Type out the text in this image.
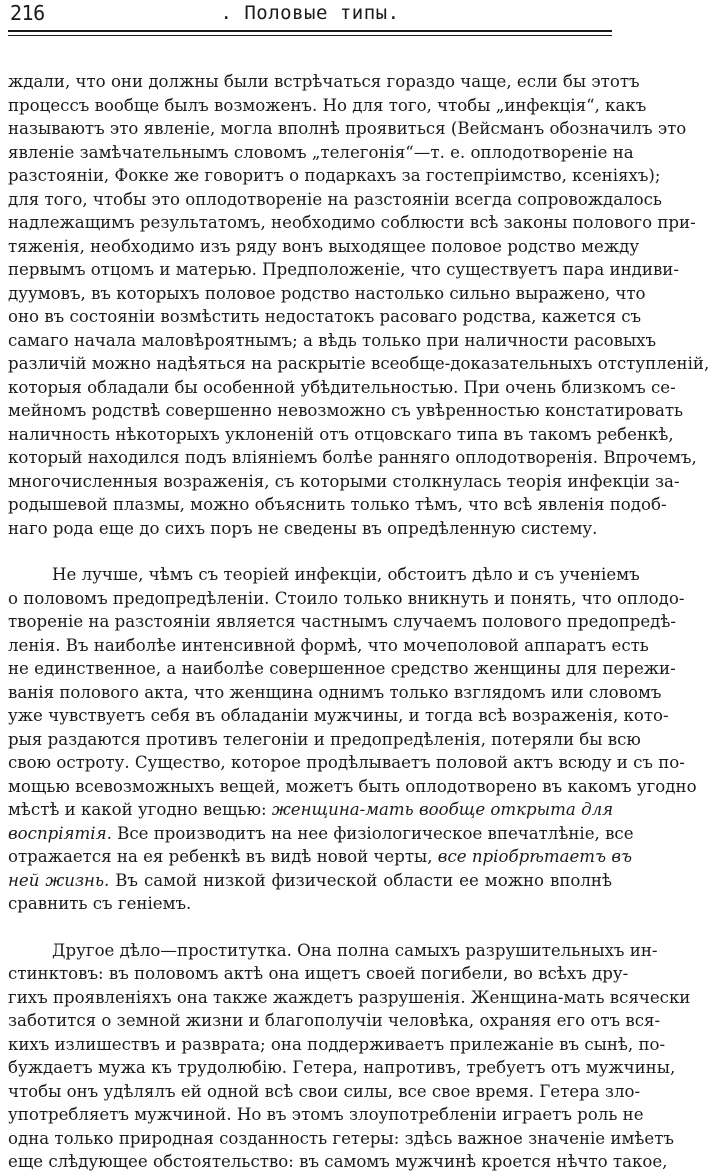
216	. Половые типы.
ждали, что они должны были встрѣчаться гораздо чаще, если бы этотъ
процессъ вообще былъ возможенъ. Но для того, чтобы „инфекція“, какъ
называютъ это явленіе, могла вполнѣ проявиться (Вейсманъ обозначилъ это
явленіе замѣчательнымъ словомъ „телегонія“—т. е. оплодотвореніе на
разстояніи, Фокке же говоритъ о подаркахъ за гостепріимство, ксеніяхъ);
для того, чтобы это оплодотвореніе на разстояніи всегда сопровождалось
надлежащимъ результатомъ, необходимо соблюсти всѣ законы полового при-
тяженія, необходимо изъ ряду вонъ выходящее половое родство между
первымъ отцомъ и матерью. Предположеніе, что существуетъ пара индиви-
дуумовъ, въ которыхъ половое родство настолько сильно выражено, что
оно въ состояніи возмѣстить недостатокъ расоваго родства, кажется съ
самаго начала маловѣроятнымъ; а вѣдь только при наличности расовыхъ
различій можно надѣяться на раскрытіе всеобще-доказательныхъ отступленій,
которыя обладали бы особенной убѣдительностью. При очень близкомъ се-
мейномъ родствѣ совершенно невозможно съ увѣренностью констатировать
наличность нѣкоторыхъ уклоненій отъ отцовскаго типа въ такомъ ребенкѣ,
который находился подъ вліяніемъ болѣе ранняго оплодотворенія. Впрочемъ,
многочисленныя возраженія, съ которыми столкнулась теорія инфекціи за-
родышевой плазмы, можно объяснить только тѣмъ, что всѣ явленія подоб-
наго рода еще до сихъ поръ не сведены въ опредѣленную систему.
Не лучше, чѣмъ съ теоріей инфекціи, обстоитъ дѣло и съ ученіемъ
о половомъ предопредѣленіи. Стоило только вникнуть и понять, что оплодо-
твореніе на разстояніи является частнымъ случаемъ полового предопредѣ-
ленія. Въ наиболѣе интенсивной формѣ, что мочеполовой аппаратъ есть
не единственное, а наиболѣе совершенное средство женщины для пережи-
ванія полового акта, что женщина однимъ только взглядомъ или словомъ
уже чувствуетъ себя въ обладаніи мужчины, и тогда всѣ возраженія, кото-
рыя раздаются противъ телегоніи и предопредѣленія, потеряли бы всю
свою остроту. Существо, которое продѣлываетъ половой актъ всюду и съ по-
мощью всевозможныхъ вещей, можетъ быть оплодотворено въ какомъ угодно
мѣстѣ и какой угодно вещью: женщина-мать вообще открыта для
воспріятія. Все производитъ на нее физіологическое впечатлѣніе, все
отражается на ея ребенкѣ въ видѣ новой черты, все пріобрѣтаетъ въ
ней жизнь. Въ самой низкой физической области ее можно вполнѣ
сравнить съ геніемъ.
Другое дѣло—проститутка. Она полна самыхъ разрушительныхъ ин-
стинктовъ: въ половомъ актѣ она ищетъ своей погибели, во всѣхъ дру-
гихъ проявленіяхъ она также жаждетъ разрушенія. Женщина-мать всячески
заботится о земной жизни и благополучіи человѣка, охраняя его отъ вся-
кихъ излишествъ и разврата; она поддерживаетъ прилежаніе въ сынѣ, по-
буждаетъ мужа къ трудолюбію. Гетера, напротивъ, требуетъ отъ мужчины,
чтобы онъ удѣлялъ ей одной всѣ свои силы, все свое время. Гетера зло-
употребляетъ мужчиной. Но въ этомъ злоупотребленіи играетъ роль не
одна только природная созданность гетеры: здѣсь важное значеніе имѣетъ
еще слѣдующее обстоятельство: въ самомъ мужчинѣ кроется нѣчто такое,
